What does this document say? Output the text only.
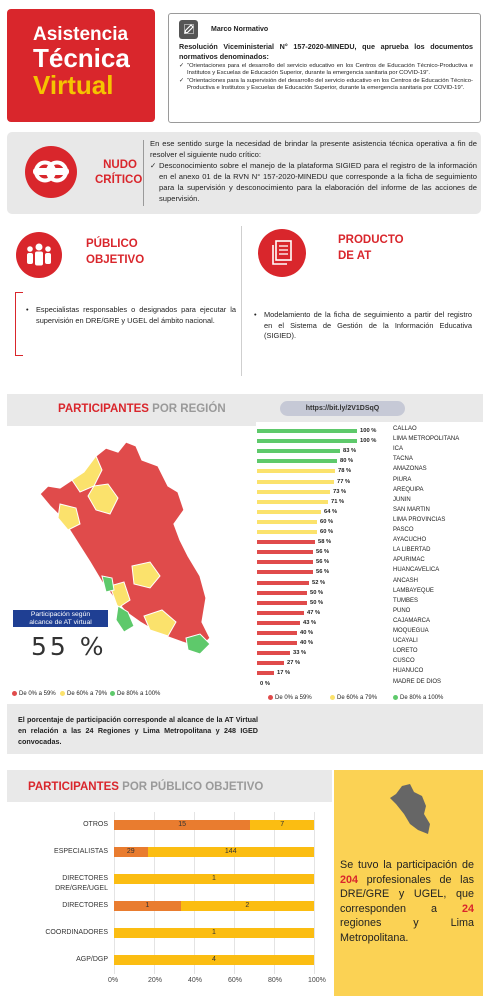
Asistencia
Técnica
Virtual
Marco Normativo
Resolución Viceministerial N° 157-2020-MINEDU, que aprueba los documentos normativos denominados:
✓ “Orientaciones para el desarrollo del servicio educativo en los Centros de Educación Técnico-Productiva e Institutos y Escuelas de Educación Superior, durante la emergencia sanitaria por COVID-19”.
✓ “Orientaciones para la supervisión del desarrollo del servicio educativo en los Centros de Educación Técnico-Productiva e Institutos y Escuelas de Educación Superior, durante la emergencia sanitaria por COVID-19”.
NUDO
CRÍTICO
En ese sentido surge la necesidad de brindar la presente asistencia técnica operativa a fin de resolver el siguiente nudo crítico:
✓ Desconocimiento sobre el manejo de la plataforma SIGIED para el registro de la información en el anexo 01 de la RVN N° 157-2020-MINEDU que corresponde a la ficha de seguimiento para la supervisión y desconocimiento para la elaboración del informe de las acciones de supervisión.
PÚBLICO
OBJETIVO
• Especialistas responsables o designados para ejecutar la supervisión en DRE/GRE y UGEL del ámbito nacional.
PRODUCTO
DE AT
• Modelamiento de la ficha de seguimiento a partir del registro en el Sistema de Gestión de la Información Educativa (SIGIED).
PARTICIPANTES POR REGIÓN	https://bit.ly/2V1DSqQ
Participación según
alcance de AT virtual
55 %
De 0% a 59%	De 60% a 79%	De 80% a 100%
100 %	CALLAO
100 %	LIMA METROPOLITANA
83 %	ICA
80 %	TACNA
78 %	AMAZONAS
77 %	PIURA
73 %	AREQUIPA
71 %	JUNIN
64 %	SAN MARTIN
60 %	LIMA PROVINCIAS
60 %	PASCO
58 %	AYACUCHO
56 %	LA LIBERTAD
56 %	APURIMAC
56 %	HUANCAVELICA
52 %	ANCASH
50 %	LAMBAYEQUE
50 %	TUMBES
47 %	PUNO
43 %	CAJAMARCA
40 %	MOQUEGUA
40 %	UCAYALI
33 %	LORETO
27 %	CUSCO
17 %	HUANUCO
0 %	MADRE DE DIOS
De 0% a 59%	De 60% a 79%	De 80% a 100%
El porcentaje de participación corresponde al alcance de la AT Virtual en relación a las 24 Regiones y Lima Metropolitana y 248 IGED convocadas.
PARTICIPANTES POR PÚBLICO OBJETIVO
0%	20%	40%	60%	80%	100%
OTROS	15	7
ESPECIALISTAS	29	144
DIRECTORES DRE/GRE/UGEL
1
DIRECTORES	1	2
COORDINADORES	1
AGP/DGP	4
Se tuvo la participación de 204 profesionales de las DRE/GRE y UGEL, que corresponden a 24 regiones y Lima Metropolitana.
